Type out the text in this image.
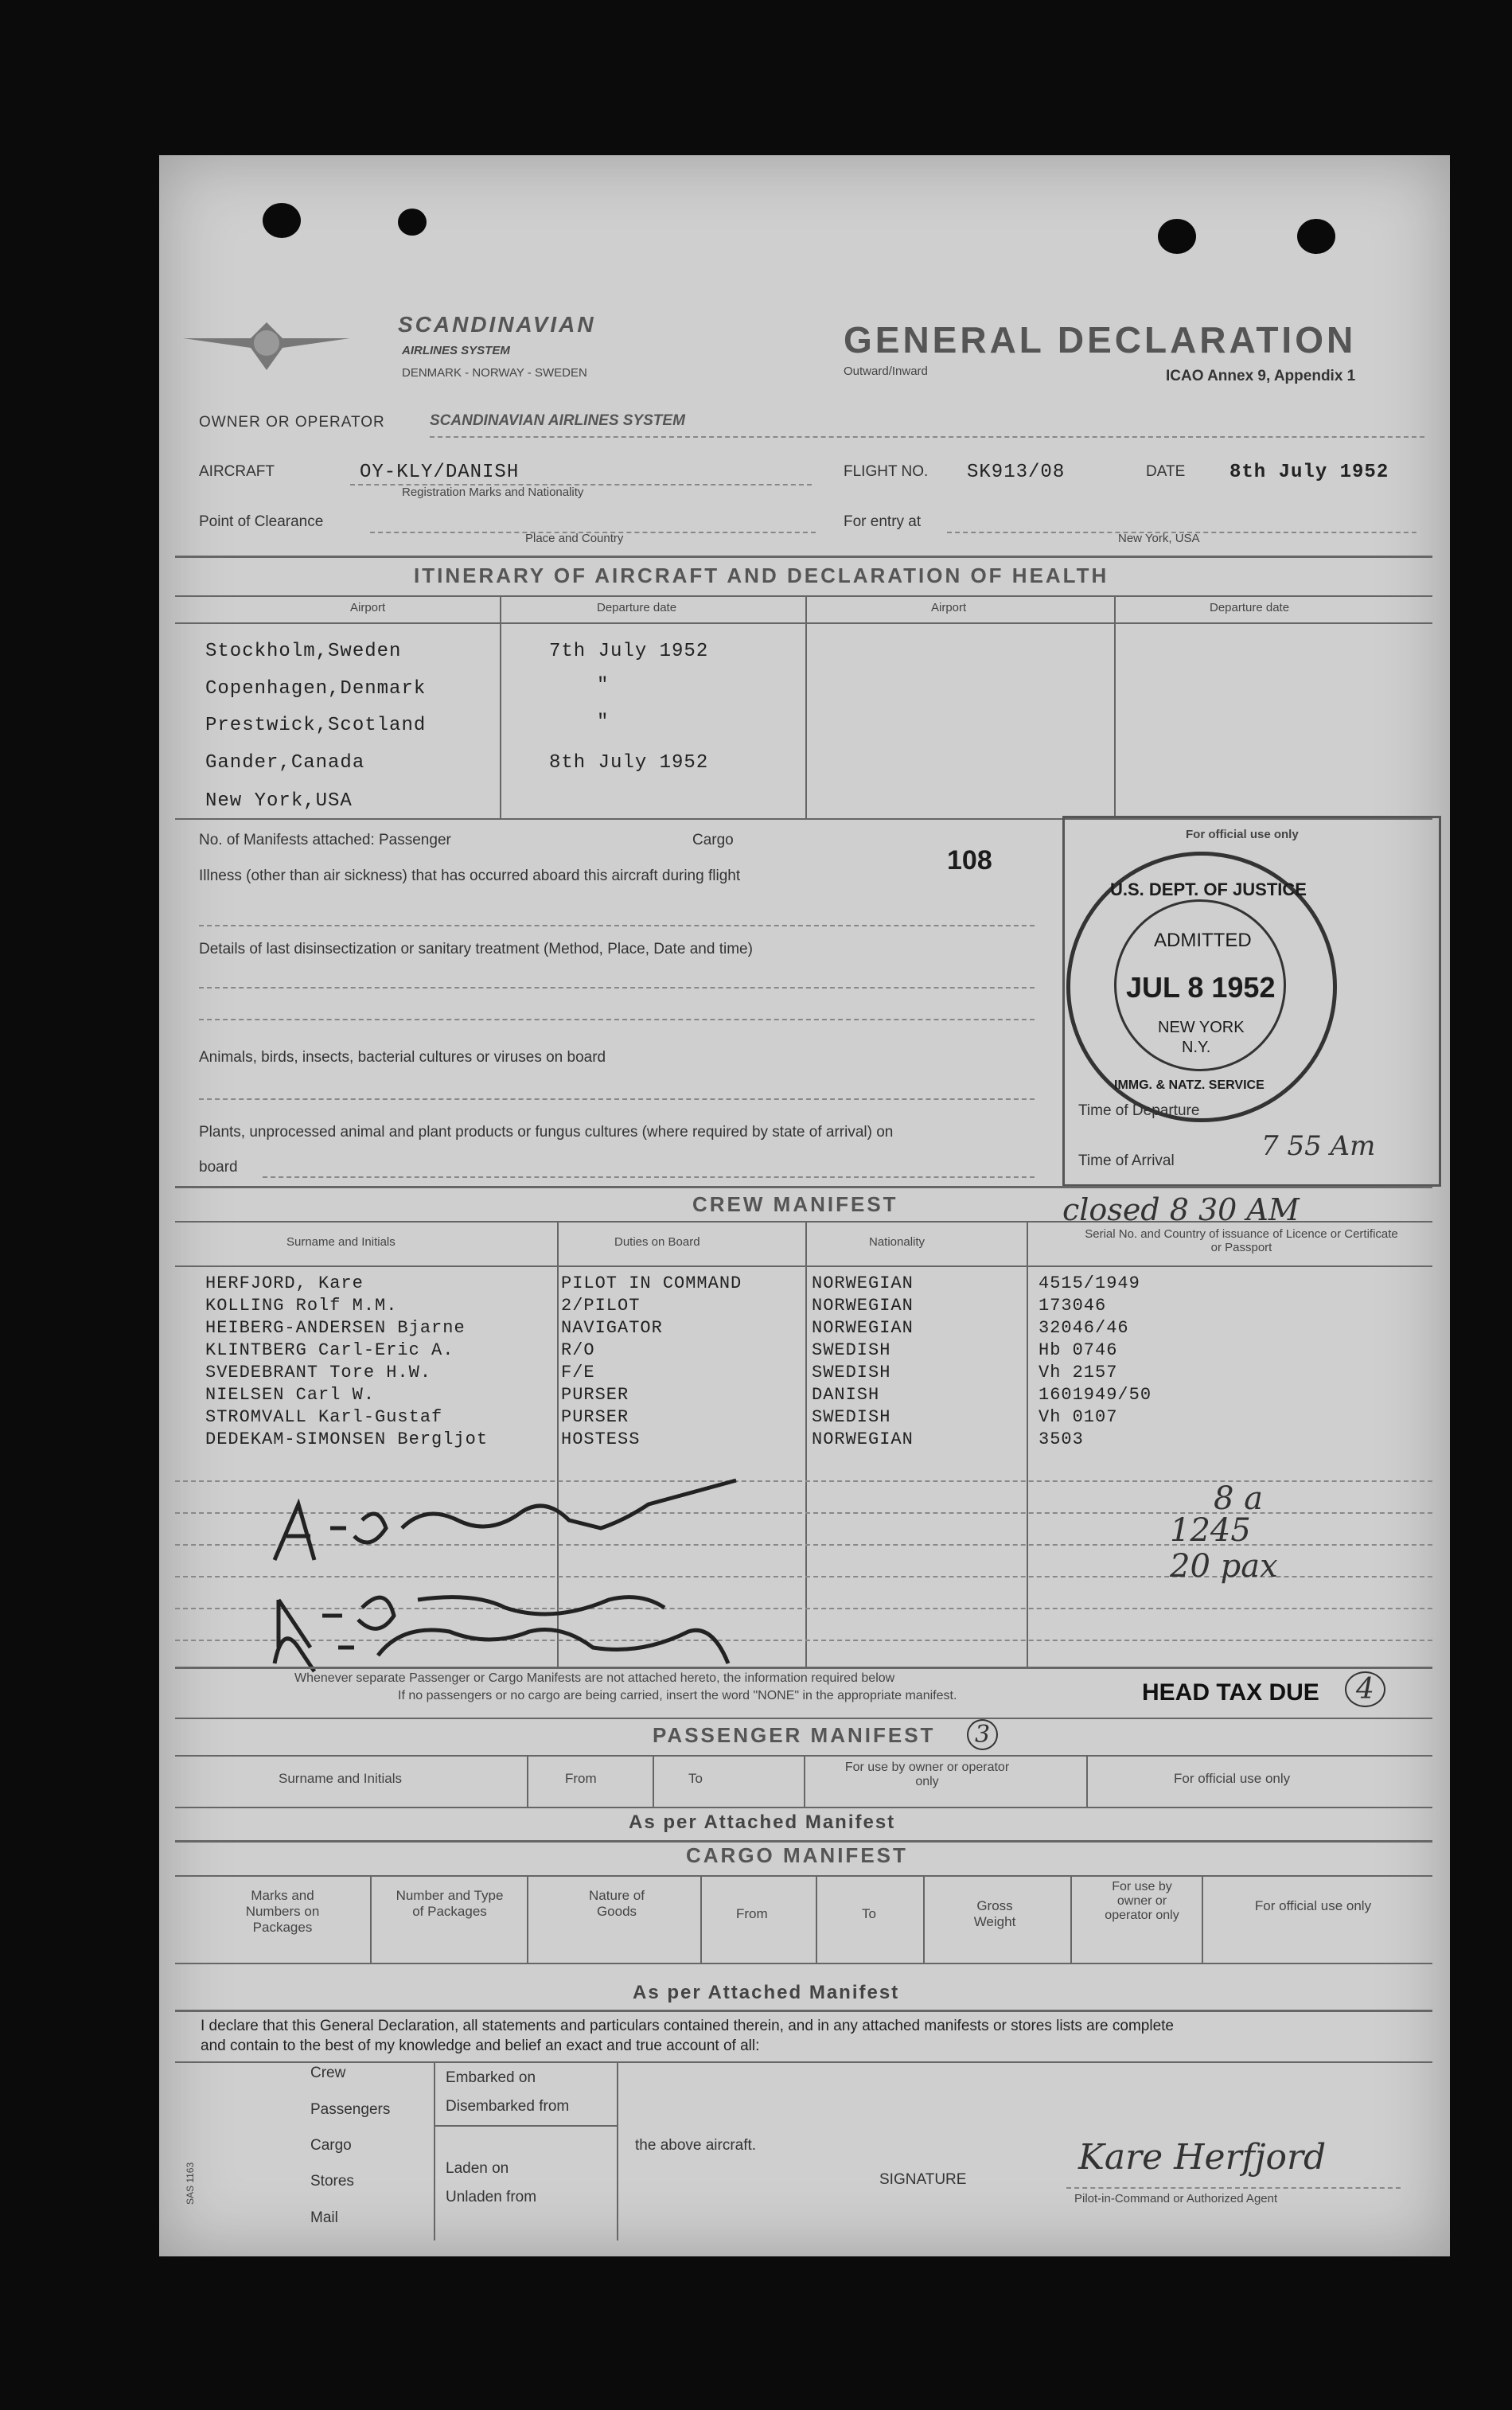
SCANDINAVIAN
AIRLINES SYSTEM
DENMARK - NORWAY - SWEDEN
GENERAL DECLARATION
Outward/Inward	ICAO Annex 9, Appendix 1
OWNER OR OPERATOR	SCANDINAVIAN AIRLINES SYSTEM
AIRCRAFT	OY-KLY/DANISH
Registration Marks and Nationality
FLIGHT NO. SK913/08	DATE 8th July 1952
Point of Clearance
Place and Country
For entry at
New York, USA
ITINERARY OF AIRCRAFT AND DECLARATION OF HEALTH
Airport	Departure date	Airport	Departure date
Stockholm,Sweden	7th July 1952
Copenhagen,Denmark	"
Prestwick,Scotland	"
Gander,Canada	8th July 1952
New York,USA
No. of Manifests attached: Passenger	Cargo
108
Illness (other than air sickness) that has occurred aboard this aircraft during flight
Details of last disinsectization or sanitary treatment (Method, Place, Date and time)
Animals, birds, insects, bacterial cultures or viruses on board
Plants, unprocessed animal and plant products or fungus cultures (where required by state of arrival) on
board
For official use only
U.S. DEPT. OF JUSTICE
ADMITTED
JUL 8 1952
NEW YORK
N.Y.
IMMG. & NATZ. SERVICE
Time of Departure
Time of Arrival	7 55 Am
closed 8 30 AM
CREW MANIFEST
Surname and Initials	Duties on Board	Nationality
Serial No. and Country of issuance of Licence or Certificate or Passport
HERFJORD, Kare	PILOT IN COMMAND	NORWEGIAN	4515/1949
KOLLING Rolf M.M.	2/PILOT	NORWEGIAN	173046
HEIBERG-ANDERSEN Bjarne	NAVIGATOR	NORWEGIAN	32046/46
KLINTBERG Carl-Eric A.	R/O	SWEDISH	Hb 0746
SVEDEBRANT Tore H.W.	F/E	SWEDISH	Vh 2157
NIELSEN Carl W.	PURSER	DANISH	1601949/50
STROMVALL Karl-Gustaf	PURSER	SWEDISH	Vh 0107
DEDEKAM-SIMONSEN Bergljot	HOSTESS	NORWEGIAN	3503
8 a
1245
20 pax
Whenever separate Passenger or Cargo Manifests are not attached hereto, the information required below
If no passengers or no cargo are being carried, insert the word "NONE" in the appropriate manifest.	HEAD TAX DUE	4
PASSENGER MANIFEST	3
Surname and Initials	From	To
For use by owner or operator only	For official use only
As per Attached Manifest
CARGO MANIFEST
Marks and Numbers on Packages
Number and Type of Packages
Nature of Goods	From	To
Gross Weight
For use by owner or operator only
For official use only
As per Attached Manifest
I declare that this General Declaration, all statements and particulars contained therein, and in any attached manifests or stores lists are complete
and contain to the best of my knowledge and belief an exact and true account of all:
Crew
Passengers
Cargo
Stores
Mail
Embarked on
Disembarked from
Laden on
Unladen from
the above aircraft.
SIGNATURE
Kare Herfjord
Pilot-in-Command or Authorized Agent
SAS 1163
